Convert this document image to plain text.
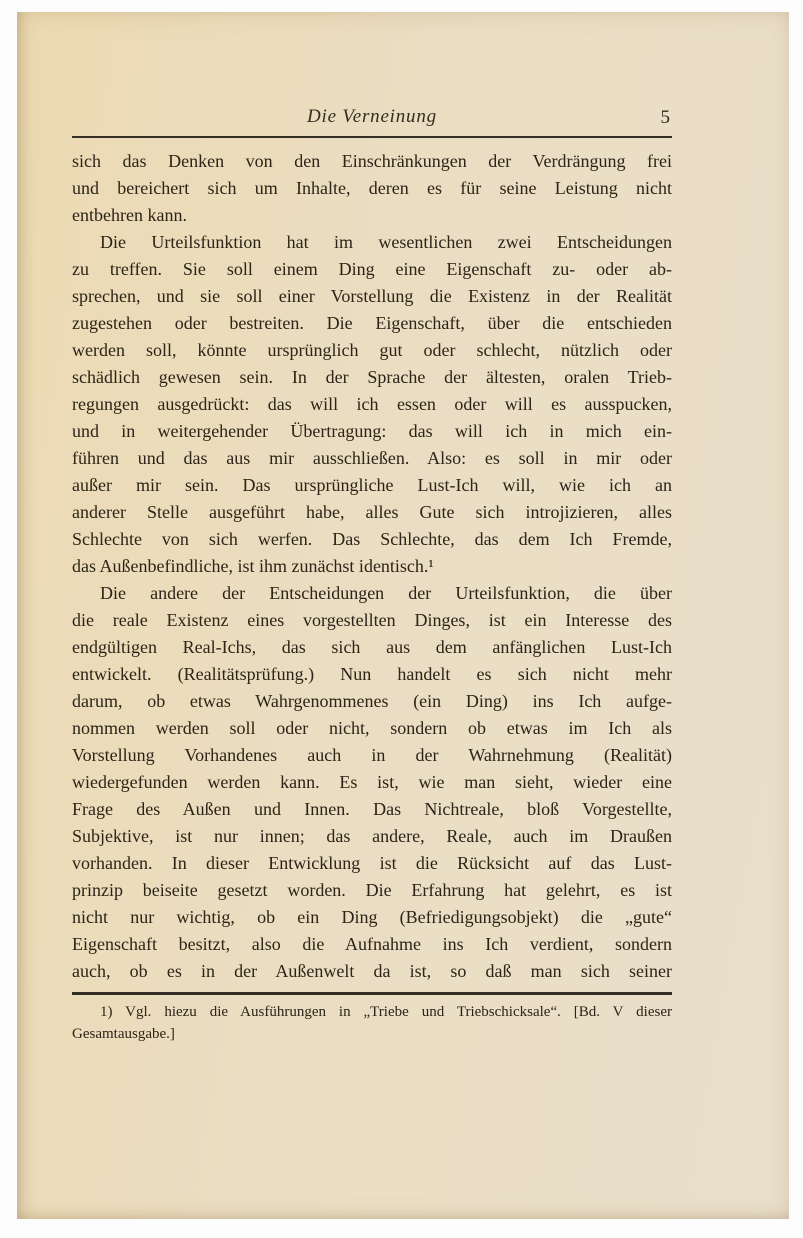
Die Verneinung	5
sich das Denken von den Einschränkungen der Verdrängung frei
und bereichert sich um Inhalte, deren es für seine Leistung nicht
entbehren kann.
Die Urteilsfunktion hat im wesentlichen zwei Entscheidungen
zu treffen. Sie soll einem Ding eine Eigenschaft zu- oder ab-
sprechen, und sie soll einer Vorstellung die Existenz in der Realität
zugestehen oder bestreiten. Die Eigenschaft, über die entschieden
werden soll, könnte ursprünglich gut oder schlecht, nützlich oder
schädlich gewesen sein. In der Sprache der ältesten, oralen Trieb-
regungen ausgedrückt: das will ich essen oder will es ausspucken,
und in weitergehender Übertragung: das will ich in mich ein-
führen und das aus mir ausschließen. Also: es soll in mir oder
außer mir sein. Das ursprüngliche Lust-Ich will, wie ich an
anderer Stelle ausgeführt habe, alles Gute sich introjizieren, alles
Schlechte von sich werfen. Das Schlechte, das dem Ich Fremde,
das Außenbefindliche, ist ihm zunächst identisch.¹
Die andere der Entscheidungen der Urteilsfunktion, die über
die reale Existenz eines vorgestellten Dinges, ist ein Interesse des
endgültigen Real-Ichs, das sich aus dem anfänglichen Lust-Ich
entwickelt. (Realitätsprüfung.) Nun handelt es sich nicht mehr
darum, ob etwas Wahrgenommenes (ein Ding) ins Ich aufge-
nommen werden soll oder nicht, sondern ob etwas im Ich als
Vorstellung Vorhandenes auch in der Wahrnehmung (Realität)
wiedergefunden werden kann. Es ist, wie man sieht, wieder eine
Frage des Außen und Innen. Das Nichtreale, bloß Vorgestellte,
Subjektive, ist nur innen; das andere, Reale, auch im Draußen
vorhanden. In dieser Entwicklung ist die Rücksicht auf das Lust-
prinzip beiseite gesetzt worden. Die Erfahrung hat gelehrt, es ist
nicht nur wichtig, ob ein Ding (Befriedigungsobjekt) die „gute“
Eigenschaft besitzt, also die Aufnahme ins Ich verdient, sondern
auch, ob es in der Außenwelt da ist, so daß man sich seiner
1) Vgl. hiezu die Ausführungen in „Triebe und Triebschicksale“. [Bd. V dieser
Gesamtausgabe.]
